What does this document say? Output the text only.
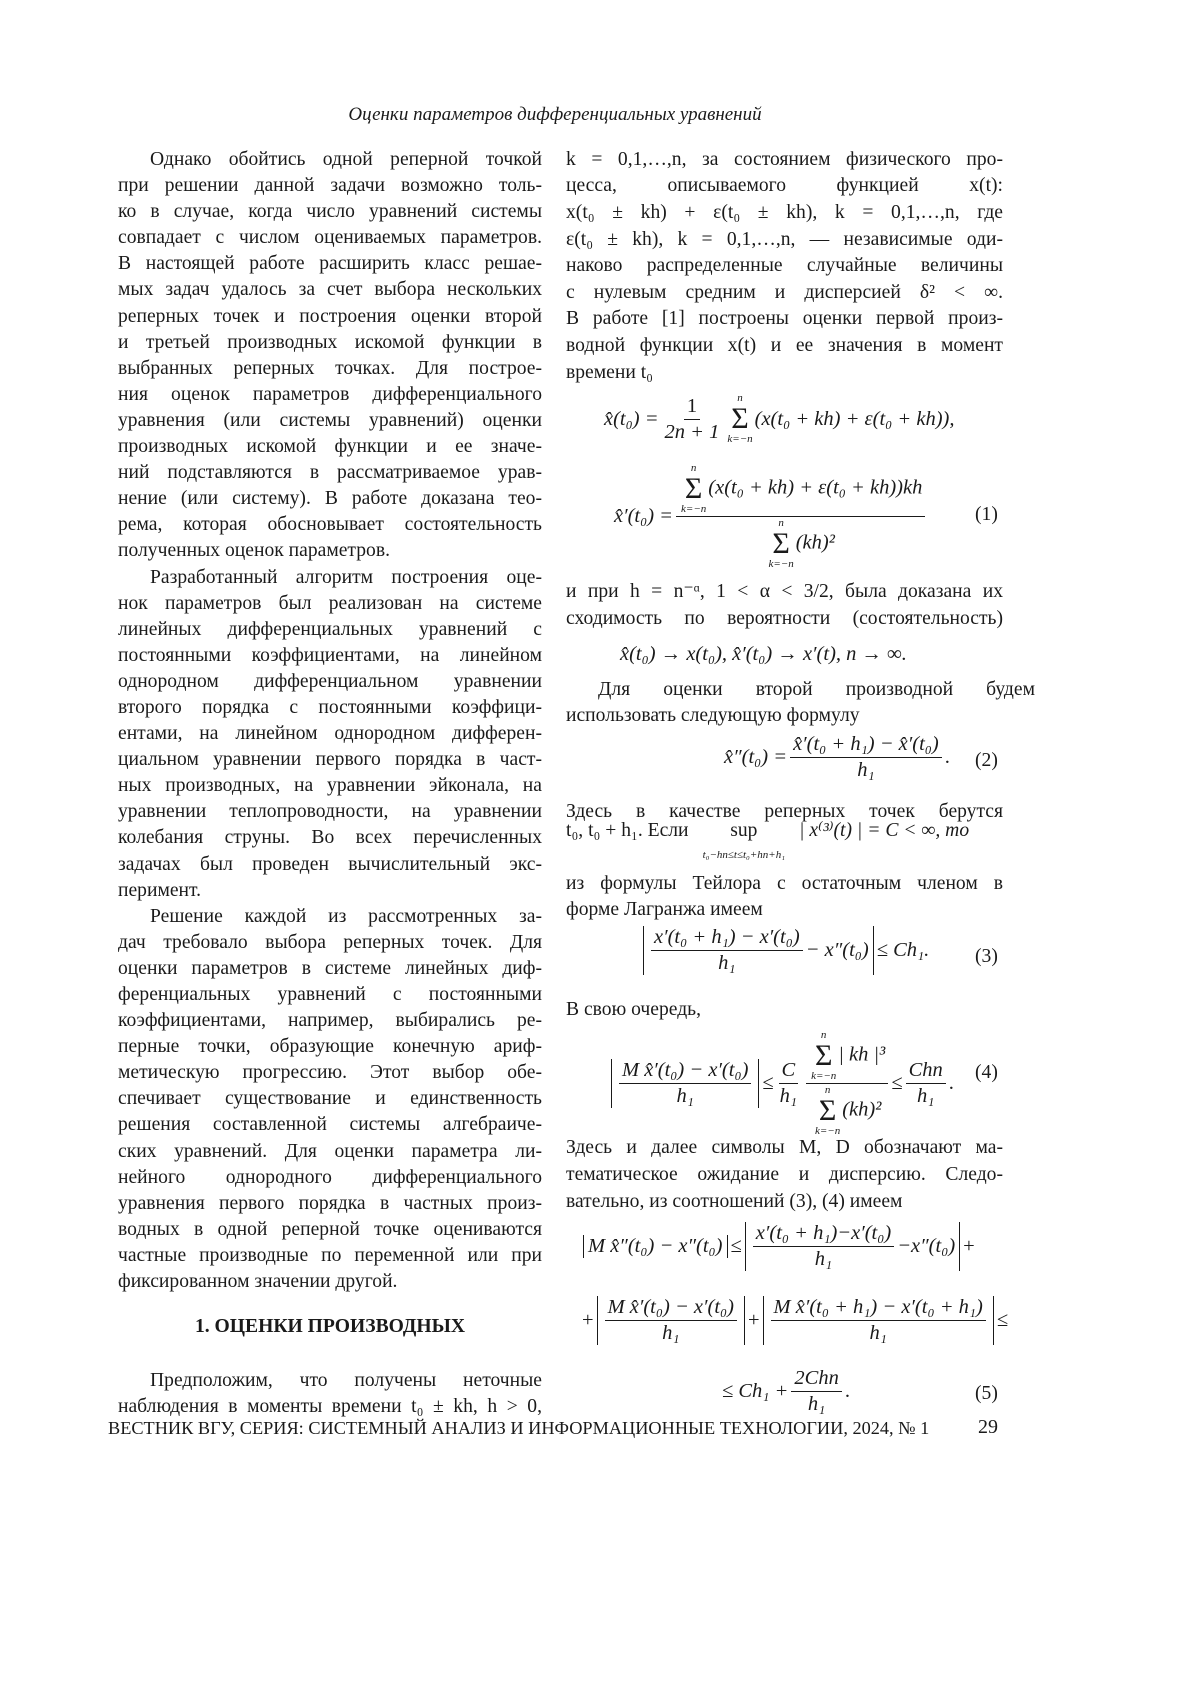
Оценки параметров дифференциальных уравнений
Однако обойтись одной реперной точкой
при решении данной задачи возможно толь-
ко в случае, когда число уравнений системы
совпадает с числом оцениваемых параметров.
В настоящей работе расширить класс решае-
мых задач удалось за счет выбора нескольких
реперных точек и построения оценки второй
и третьей производных искомой функции в
выбранных реперных точках. Для построе-
ния оценок параметров дифференциального
уравнения (или системы уравнений) оценки
производных искомой функции и ее значе-
ний подставляются в рассматриваемое урав-
нение (или систему). В работе доказана тео-
рема, которая обосновывает состоятельность
полученных оценок параметров.
Разработанный алгоритм построения оце-
нок параметров был реализован на системе
линейных дифференциальных уравнений с
постоянными коэффициентами, на линейном
однородном дифференциальном уравнении
второго порядка с постоянными коэффици-
ентами, на линейном однородном дифферен-
циальном уравнении первого порядка в част-
ных производных, на уравнении эйконала, на
уравнении теплопроводности, на уравнении
колебания струны. Во всех перечисленных
задачах был проведен вычислительный экс-
перимент.
Решение каждой из рассмотренных за-
дач требовало выбора реперных точек. Для
оценки параметров в системе линейных диф-
ференциальных уравнений с постоянными
коэффициентами, например, выбирались ре-
перные точки, образующие конечную ариф-
метическую прогрессию. Этот выбор обе-
спечивает существование и единственность
решения составленной системы алгебраиче-
ских уравнений. Для оценки параметра ли-
нейного однородного дифференциального
уравнения первого порядка в частных произ-
водных в одной реперной точке оцениваются
частные производные по переменной или при
фиксированном значении другой.
1. ОЦЕНКИ ПРОИЗВОДНЫХ
Предположим, что получены неточные
наблюдения в моменты времени t₀ ± kh, h > 0,
k = 0,1,…,n, за состоянием физического про-
цесса, описываемого функцией x(t):
x(t₀ ± kh) + ε(t₀ ± kh), k = 0,1,…,n, где
ε(t₀ ± kh), k = 0,1,…,n, — независимые оди-
наково распределенные случайные величины
с нулевым средним и дисперсией δ² < ∞.
В работе [1] построены оценки первой произ-
водной функции x(t) и ее значения в момент
времени t₀
x̂(t₀) =
1
2n + 1
n
Σ
k=−n
(x(t₀ + kh) + ε(t₀ + kh)),
x̂′(t₀) =
n
Σ
k=−n
(x(t₀ + kh) + ε(t₀ + kh))kh
n
Σ
k=−n
(kh)²
(1)
и при h = n⁻ᵅ, 1 < α < 3/2, была доказана их
сходимость по вероятности (состоятельность)
x̂(t₀) → x(t₀), x̂′(t₀) → x′(t), n → ∞.
Для оценки второй производной будем
использовать следующую формулу
x̂″(t₀) =
x̂′(t₀ + h₁) − x̂′(t₀)
h₁
. (2)
Здесь в качестве реперных точек берутся
t₀, t₀ + h₁. Если sup
t₀−hn≤t≤t₀+hn+h₁
| x⁽³⁾(t) | = C < ∞, то
из формулы Тейлора с остаточным членом в
форме Лагранжа имеем
x′(t₀ + h₁) − x′(t₀)
h₁
− x″(t₀) ≤ Ch₁. (3)
В свою очередь,
M x̂′(t₀) − x′(t₀)
h₁
≤
C
h₁
n
Σ
k=−n
| kh |³
n
Σ
k=−n
(kh)²
≤
Chn
h₁
. (4)
Здесь и далее символы M, D обозначают ма-
тематическое ожидание и дисперсию. Следо-
вательно, из соотношений (3), (4) имеем
M x̂″(t₀) − x″(t₀) ≤
x′(t₀ + h₁)−x′(t₀)
h₁
−x″(t₀) +
+
M x̂′(t₀) − x′(t₀)
h₁
+
M x̂′(t₀ + h₁) − x′(t₀ + h₁)
h₁
≤
≤ Ch₁ +
2Chn
h₁
.	(5)
ВЕСТНИК ВГУ, СЕРИЯ: СИСТЕМНЫЙ АНАЛИЗ И ИНФОРМАЦИОННЫЕ ТЕХНОЛОГИИ, 2024, № 1 29
